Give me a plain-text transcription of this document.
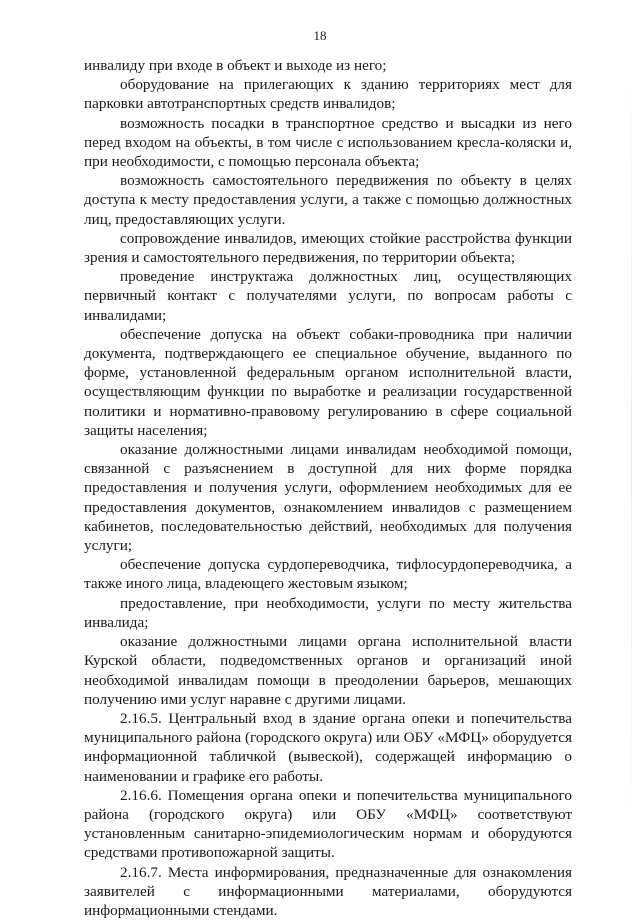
18

инвалиду при входе в объект и выходе из него;

оборудование на прилегающих к зданию территориях мест для парковки автотранспортных средств инвалидов;

возможность посадки в транспортное средство и высадки из него перед входом на объекты, в том числе с использованием кресла-коляски и, при необходимости, с помощью персонала объекта;

возможность самостоятельного передвижения по объекту в целях доступа к месту предоставления услуги, а также с помощью должностных лиц, предоставляющих услуги.

сопровождение инвалидов, имеющих стойкие расстройства функции зрения и самостоятельного передвижения, по территории объекта;

проведение инструктажа должностных лиц, осуществляющих первичный контакт с получателями услуги, по вопросам работы с инвалидами;

обеспечение допуска на объект собаки-проводника при наличии документа, подтверждающего ее специальное обучение, выданного по форме, установленной федеральным органом исполнительной власти, осуществляющим функции по выработке и реализации государственной политики и нормативно-правовому регулированию в сфере социальной защиты населения;

оказание должностными лицами инвалидам необходимой помощи, связанной с разъяснением в доступной для них форме порядка предоставления и получения услуги, оформлением необходимых для ее предоставления документов, ознакомлением инвалидов с размещением кабинетов, последовательностью действий, необходимых для получения услуги;

обеспечение допуска сурдопереводчика, тифлосурдопереводчика, а также иного лица, владеющего жестовым языком;

предоставление, при необходимости, услуги по месту жительства инвалида;

оказание должностными лицами органа исполнительной власти Курской области, подведомственных органов и организаций иной необходимой инвалидам помощи в преодолении барьеров, мешающих получению ими услуг наравне с другими лицами.

2.16.5. Центральный вход в здание органа опеки и попечительства муниципального района (городского округа) или ОБУ «МФЦ» оборудуется информационной табличкой (вывеской), содержащей информацию о наименовании и графике его работы.

2.16.6. Помещения органа опеки и попечительства муниципального района (городского округа) или ОБУ «МФЦ» соответствуют установленным санитарно-эпидемиологическим нормам и оборудуются средствами противопожарной защиты.

2.16.7. Места информирования, предназначенные для ознакомления заявителей с информационными материалами, оборудуются информационными стендами.
